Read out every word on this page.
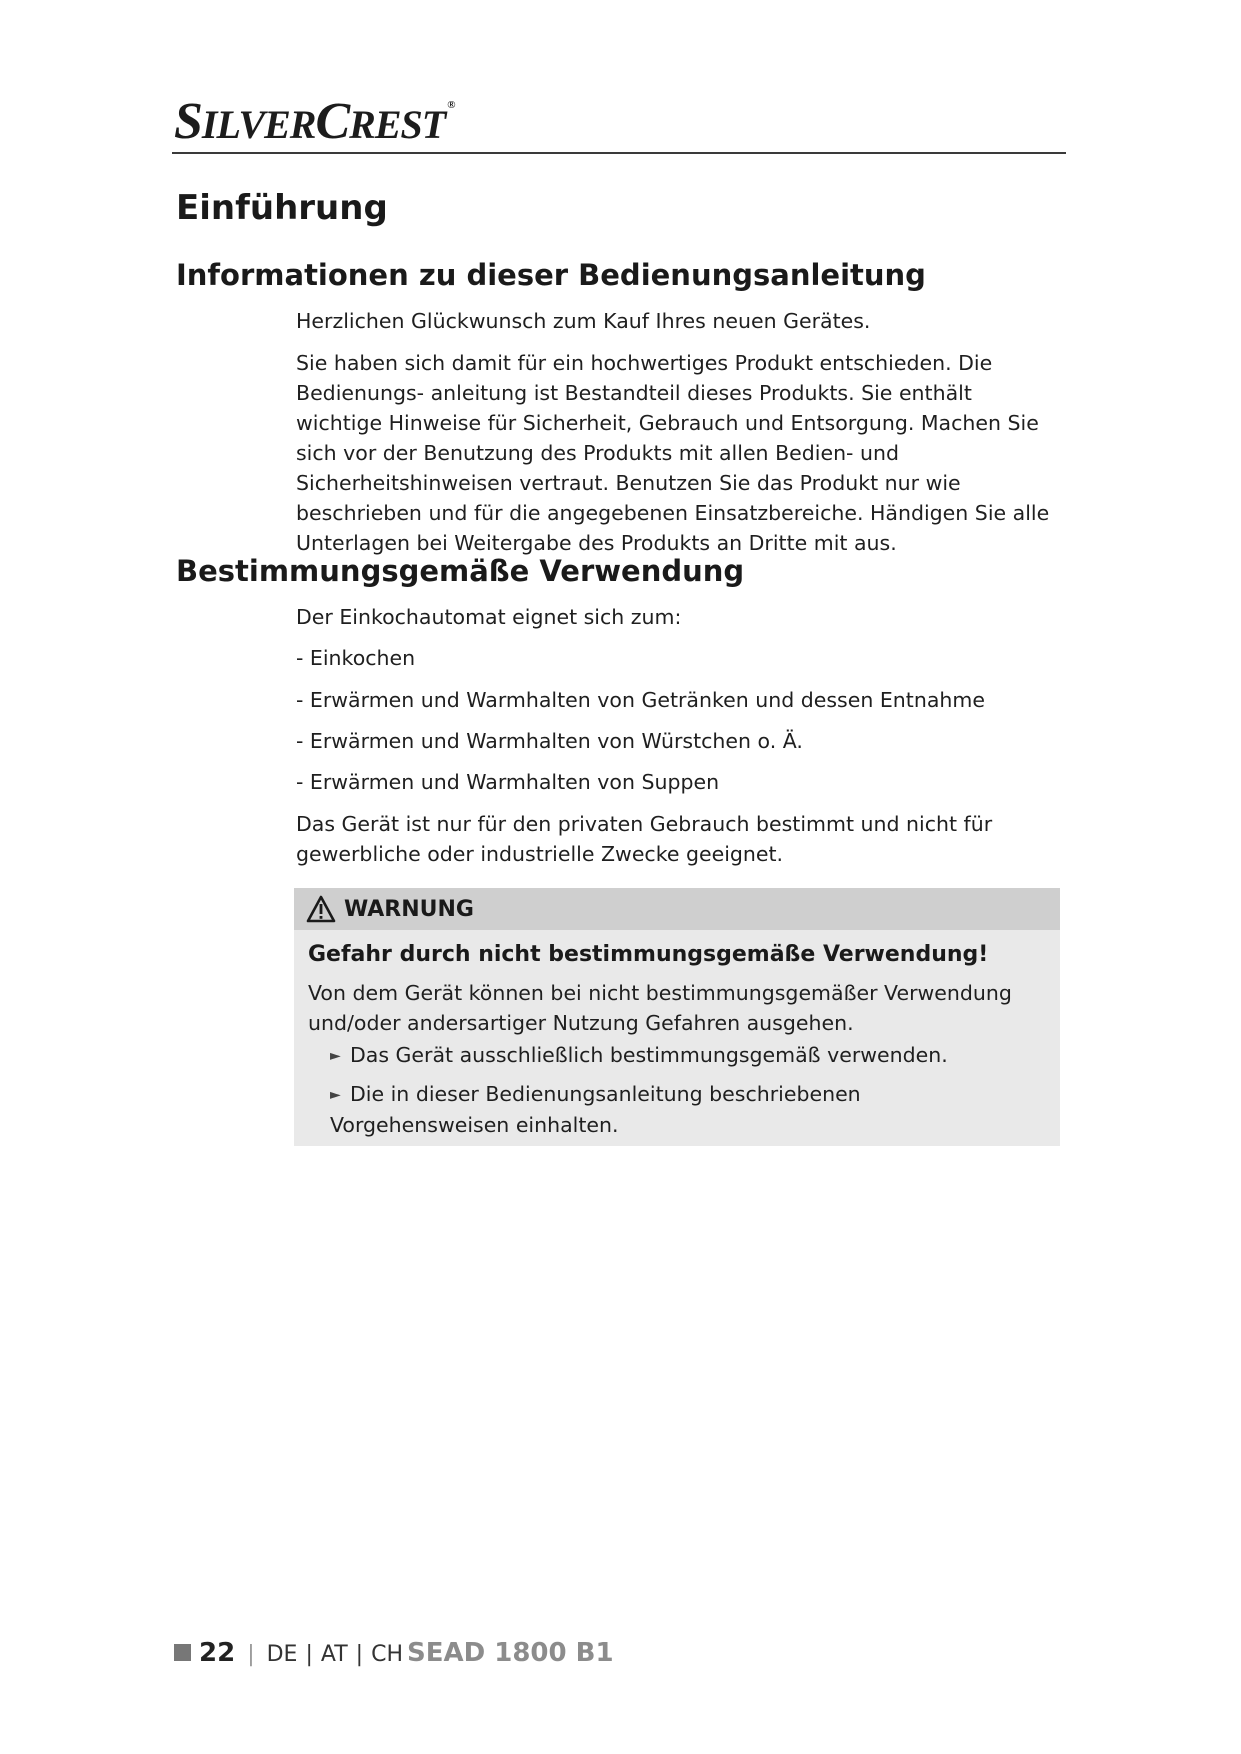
SILVERCREST ®
Einführung
Informationen zu dieser Bedienungsanleitung

Herzlichen Glückwunsch zum Kauf Ihres neuen Gerätes.

Sie haben sich damit für ein hochwertiges Produkt entschieden. Die Bedienungs- anleitung ist Bestandteil dieses Produkts. Sie enthält wichtige Hinweise für Sicherheit, Gebrauch und Entsorgung. Machen Sie sich vor der Benutzung des Produkts mit allen Bedien- und Sicherheitshinweisen vertraut. Benutzen Sie das Produkt nur wie beschrieben und für die angegebenen Einsatzbereiche. Händigen Sie alle Unterlagen bei Weitergabe des Produkts an Dritte mit aus.

Bestimmungsgemäße Verwendung

Der Einkochautomat eignet sich zum:

- Einkochen

- Erwärmen und Warmhalten von Getränken und dessen Entnahme

- Erwärmen und Warmhalten von Würstchen o. Ä.

- Erwärmen und Warmhalten von Suppen

Das Gerät ist nur für den privaten Gebrauch bestimmt und nicht für gewerbliche oder industrielle Zwecke geeignet.

WARNUNG
Gefahr durch nicht bestimmungsgemäße Verwendung!
Von dem Gerät können bei nicht bestimmungsgemäßer Verwendung und/oder andersartiger Nutzung Gefahren ausgehen.
► Das Gerät ausschließlich bestimmungsgemäß verwenden.
► Die in dieser Bedienungsanleitung beschriebenen Vorgehensweisen einhalten.
22 | DE | AT | CH SEAD 1800 B1
